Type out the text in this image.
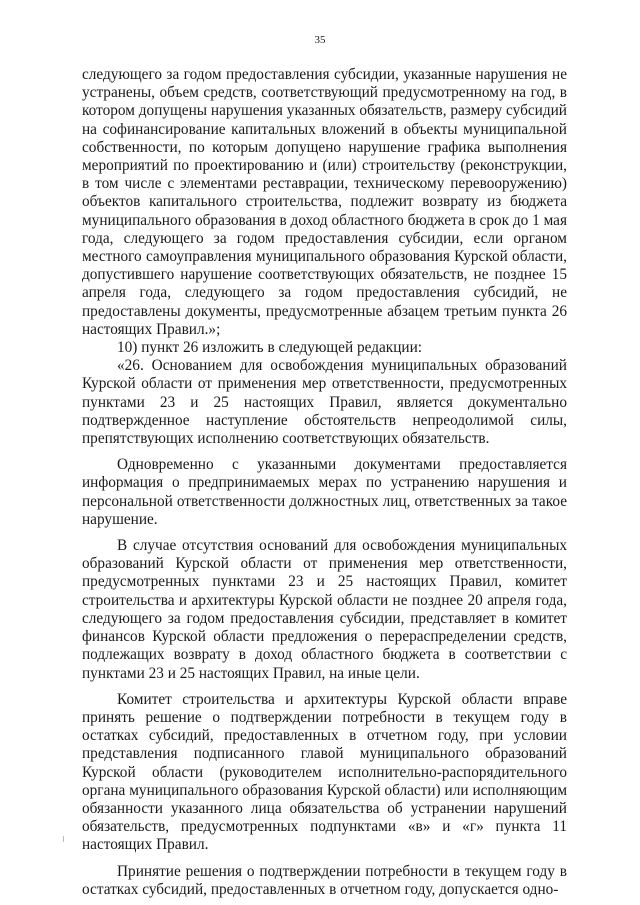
35

следующего за годом предоставления субсидии, указанные нарушения не устранены, объем средств, соответствующий предусмотренному на год, в котором допущены нарушения указанных обязательств, размеру субсидий на софинансирование капитальных вложений в объекты муниципальной собственности, по которым допущено нарушение графика выполнения мероприятий по проектированию и (или) строительству (реконструкции, в том числе с элементами реставрации, техническому перевооружению) объектов капитального строительства, подлежит возврату из бюджета муниципального образования в доход областного бюджета в срок до 1 мая года, следующего за годом предоставления субсидии, если органом местного самоуправления муниципального образования Курской области, допустившего нарушение соответствующих обязательств, не позднее 15 апреля года, следующего за годом предоставления субсидий, не предоставлены документы, предусмотренные абзацем третьим пункта 26 настоящих Правил.»;

10) пункт 26 изложить в следующей редакции:

«26. Основанием для освобождения муниципальных образований Курской области от применения мер ответственности, предусмотренных пунктами 23 и 25 настоящих Правил, является документально подтвержденное наступление обстоятельств непреодолимой силы, препятствующих исполнению соответствующих обязательств.

Одновременно с указанными документами предоставляется информация о предпринимаемых мерах по устранению нарушения и персональной ответственности должностных лиц, ответственных за такое нарушение.

В случае отсутствия оснований для освобождения муниципальных образований Курской области от применения мер ответственности, предусмотренных пунктами 23 и 25 настоящих Правил, комитет строительства и архитектуры Курской области не позднее 20 апреля года, следующего за годом предоставления субсидии, представляет в комитет финансов Курской области предложения о перераспределении средств, подлежащих возврату в доход областного бюджета в соответствии с пунктами 23 и 25 настоящих Правил, на иные цели.

Комитет строительства и архитектуры Курской области вправе принять решение о подтверждении потребности в текущем году в остатках субсидий, предоставленных в отчетном году, при условии представления подписанного главой муниципального образований Курской области (руководителем исполнительно-распорядительного органа муниципального образования Курской области) или исполняющим обязанности указанного лица обязательства об устранении нарушений обязательств, предусмотренных подпунктами «в» и «г» пункта 11 настоящих Правил.

Принятие решения о подтверждении потребности в текущем году в остатках субсидий, предоставленных в отчетном году, допускается одно-
